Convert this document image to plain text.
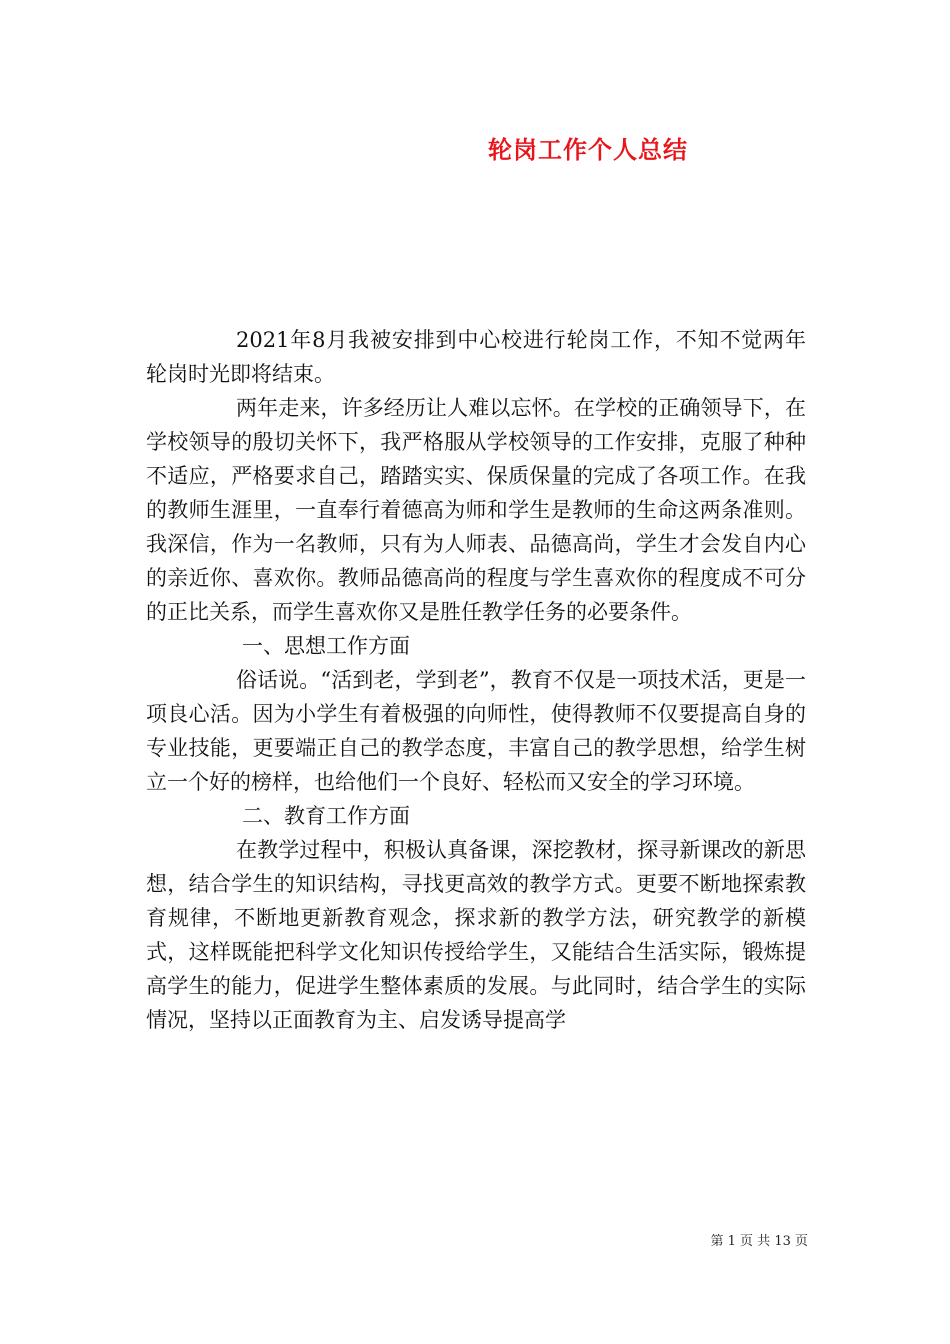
轮岗工作个人总结

2021年8月我被安排到中心校进行轮岗工作，不知不觉两年轮岗时光即将结束。

两年走来，许多经历让人难以忘怀。在学校的正确领导下，在学校领导的殷切关怀下，我严格服从学校领导的工作安排，克服了种种不适应，严格要求自己，踏踏实实、保质保量的完成了各项工作。在我的教师生涯里，一直奉行着德高为师和学生是教师的生命这两条准则。我深信，作为一名教师，只有为人师表、品德高尚，学生才会发自内心的亲近你、喜欢你。教师品德高尚的程度与学生喜欢你的程度成不可分的正比关系，而学生喜欢你又是胜任教学任务的必要条件。

一、思想工作方面

俗话说。“活到老，学到老”，教育不仅是一项技术活，更是一项良心活。因为小学生有着极强的向师性，使得教师不仅要提高自身的专业技能，更要端正自己的教学态度，丰富自己的教学思想，给学生树立一个好的榜样，也给他们一个良好、轻松而又安全的学习环境。

二、教育工作方面

在教学过程中，积极认真备课，深挖教材，探寻新课改的新思想，结合学生的知识结构，寻找更高效的教学方式。更要不断地探索教育规律，不断地更新教育观念，探求新的教学方法，研究教学的新模式，这样既能把科学文化知识传授给学生，又能结合生活实际，锻炼提高学生的能力，促进学生整体素质的发展。与此同时，结合学生的实际情况，坚持以正面教育为主、启发诱导提高学

第 1 页 共 13 页
